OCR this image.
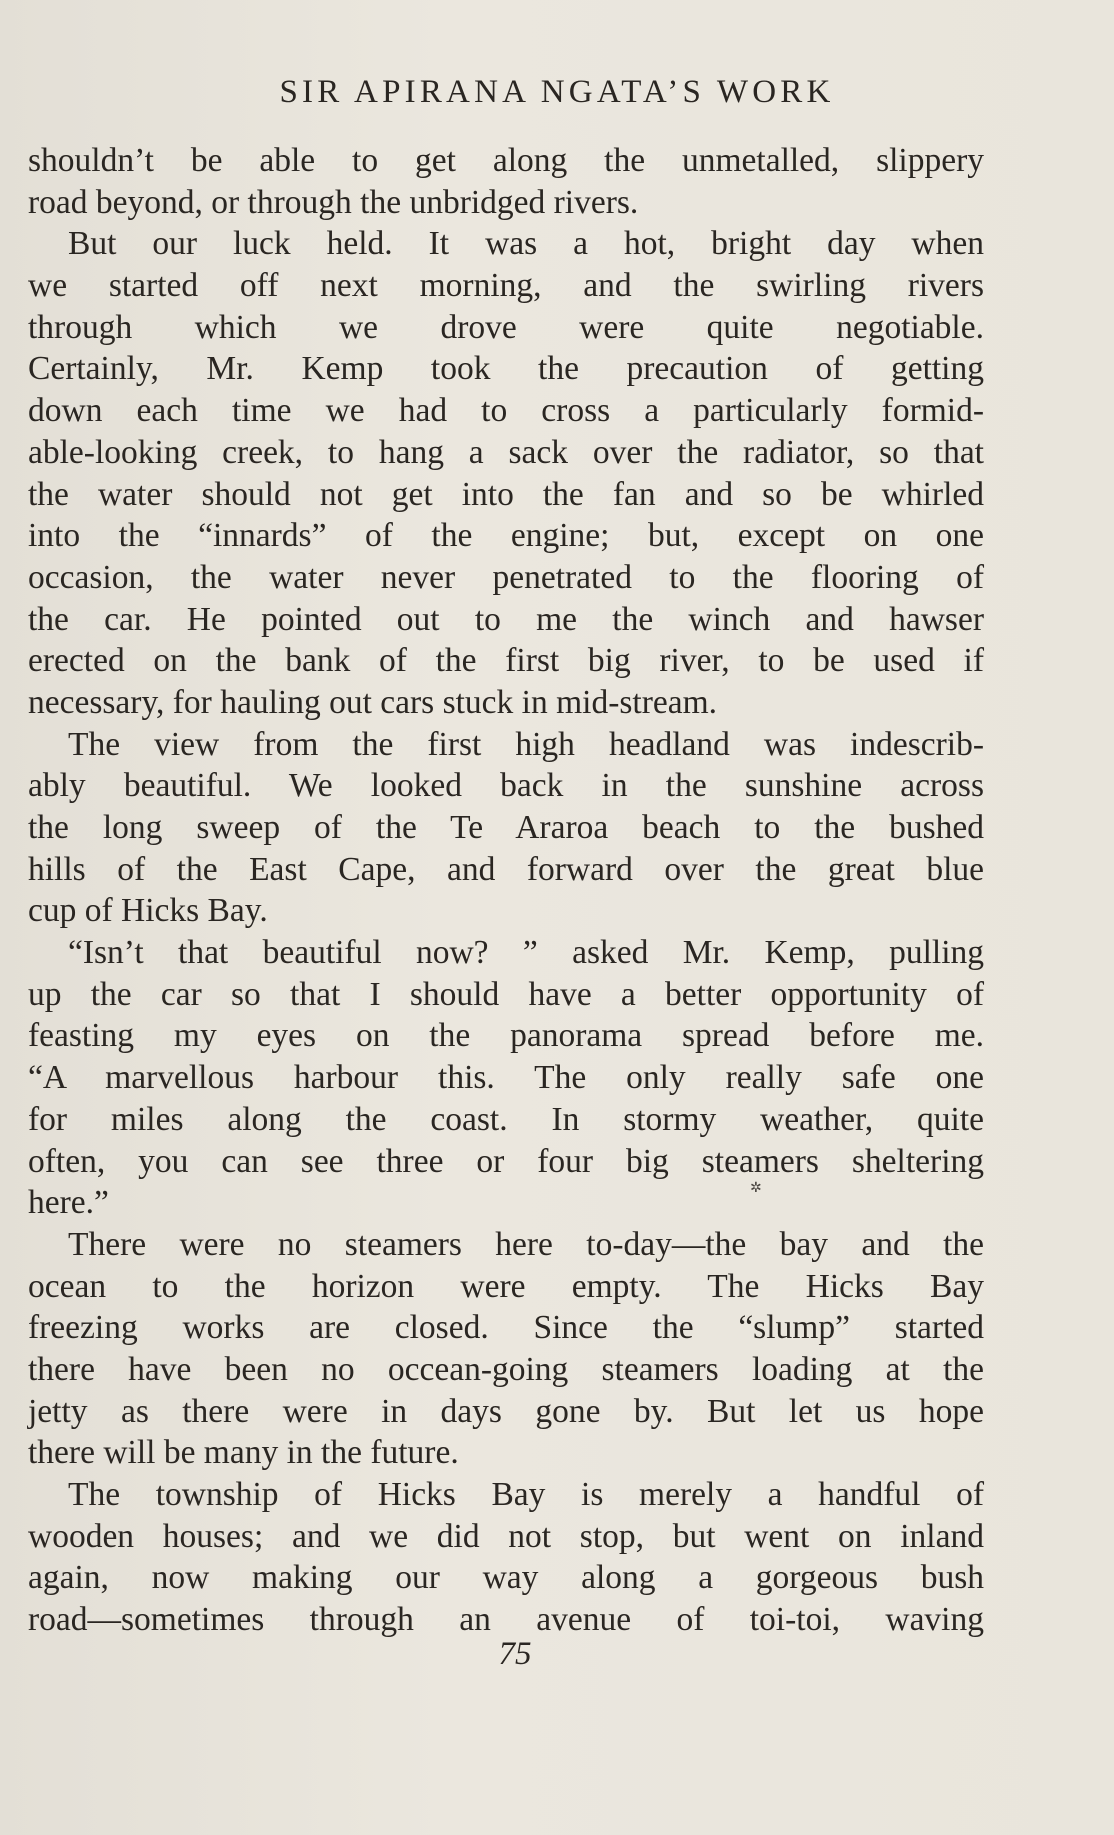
SIR APIRANA NGATA’S WORK
shouldn’t be able to get along the unmetalled, slippery
road beyond, or through the unbridged rivers.
But our luck held. It was a hot, bright day when
we started off next morning, and the swirling rivers
through which we drove were quite negotiable.
Certainly, Mr. Kemp took the precaution of getting
down each time we had to cross a particularly formid-
able-looking creek, to hang a sack over the radiator, so that
the water should not get into the fan and so be whirled
into the “innards” of the engine; but, except on one
occasion, the water never penetrated to the flooring of
the car. He pointed out to me the winch and hawser
erected on the bank of the first big river, to be used if
necessary, for hauling out cars stuck in mid-stream.
The view from the first high headland was indescrib-
ably beautiful. We looked back in the sunshine across
the long sweep of the Te Araroa beach to the bushed
hills of the East Cape, and forward over the great blue
cup of Hicks Bay.
“Isn’t that beautiful now? ” asked Mr. Kemp, pulling
up the car so that I should have a better opportunity of
feasting my eyes on the panorama spread before me.
“A marvellous harbour this. The only really safe one
for miles along the coast. In stormy weather, quite
often, you can see three or four big steamers sheltering
here.”
There were no steamers here to-day—the bay and the
ocean to the horizon were empty. The Hicks Bay
freezing works are closed. Since the “slump” started
there have been no occean-going steamers loading at the
jetty as there were in days gone by. But let us hope
there will be many in the future.
The township of Hicks Bay is merely a handful of
wooden houses; and we did not stop, but went on inland
again, now making our way along a gorgeous bush
road—sometimes through an avenue of toi-toi, waving
✲
75
